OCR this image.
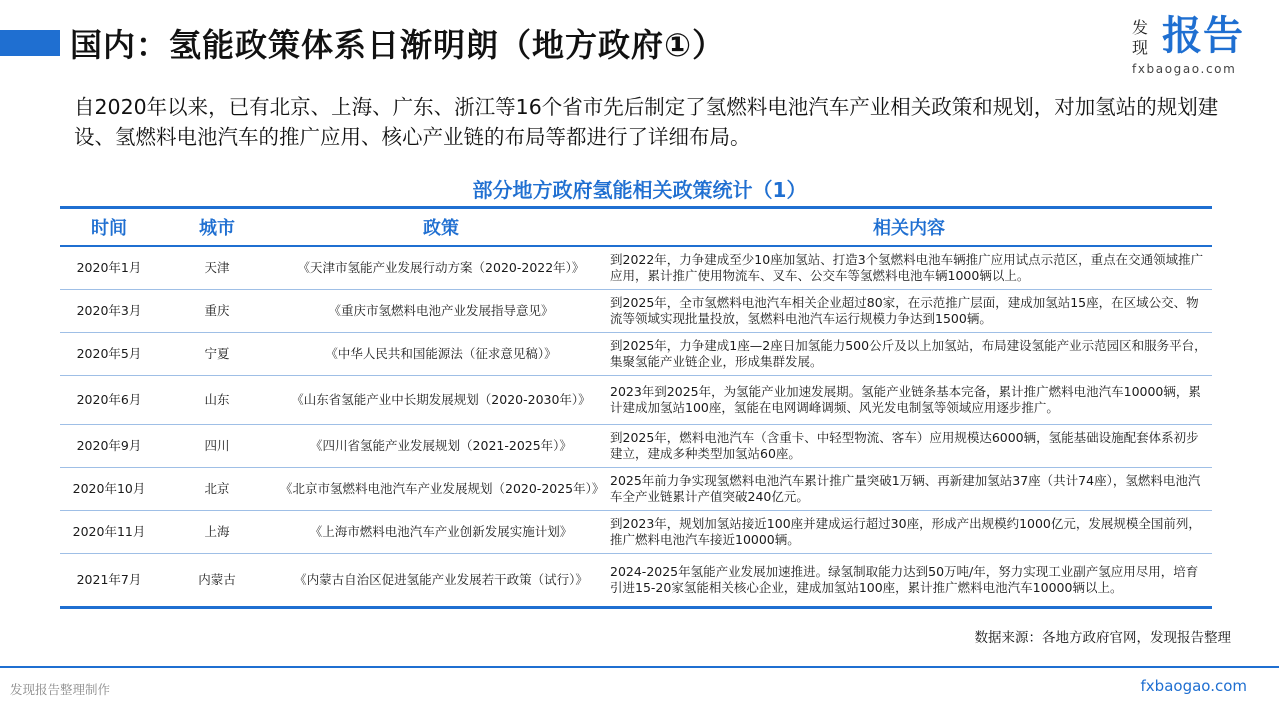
国内：氢能政策体系日渐明朗（地方政府①）	发现 报告
fxbaogao.com

自2020年以来，已有北京、上海、广东、浙江等16个省市先后制定了氢燃料电池汽车产业相关政策和规划，对加氢站的规划建设、氢燃料电池汽车的推广应用、核心产业链的布局等都进行了详细布局。

部分地方政府氢能相关政策统计（1）
时间	城市	政策	相关内容
2020年1月	天津	《天津市氢能产业发展行动方案（2020-2022年）》	到2022年，力争建成至少10座加氢站、打造3个氢燃料电池车辆推广应用试点示范区，重点在交通领域推广应用，累计推广使用物流车、叉车、公交车等氢燃料电池车辆1000辆以上。
2020年3月	重庆	《重庆市氢燃料电池产业发展指导意见》	到2025年，全市氢燃料电池汽车相关企业超过80家，在示范推广层面，建成加氢站15座，在区域公交、物流等领域实现批量投放，氢燃料电池汽车运行规模力争达到1500辆。
2020年5月	宁夏	《中华人民共和国能源法（征求意见稿）》	到2025年，力争建成1座—2座日加氢能力500公斤及以上加氢站，布局建设氢能产业示范园区和服务平台，集聚氢能产业链企业，形成集群发展。
2020年6月	山东	《山东省氢能产业中长期发展规划（2020-2030年）》	2023年到2025年，为氢能产业加速发展期。氢能产业链条基本完备，累计推广燃料电池汽车10000辆，累计建成加氢站100座，氢能在电网调峰调频、风光发电制氢等领域应用逐步推广。
2020年9月	四川	《四川省氢能产业发展规划（2021-2025年）》	到2025年，燃料电池汽车（含重卡、中轻型物流、客车）应用规模达6000辆，氢能基础设施配套体系初步建立，建成多种类型加氢站60座。
2020年10月	北京	《北京市氢燃料电池汽车产业发展规划（2020-2025年）》	2025年前力争实现氢燃料电池汽车累计推广量突破1万辆、再新建加氢站37座（共计74座），氢燃料电池汽车全产业链累计产值突破240亿元。
2020年11月	上海	《上海市燃料电池汽车产业创新发展实施计划》	到2023年，规划加氢站接近100座并建成运行超过30座，形成产出规模约1000亿元，发展规模全国前列，推广燃料电池汽车接近10000辆。
2021年7月	内蒙古	《内蒙古自治区促进氢能产业发展若干政策（试行）》	2024-2025年氢能产业发展加速推进。绿氢制取能力达到50万吨/年，努力实现工业副产氢应用尽用，培育引进15-20家氢能相关核心企业，建成加氢站100座，累计推广燃料电池汽车10000辆以上。
数据来源：各地方政府官网，发现报告整理
发现报告整理制作	fxbaogao.com
